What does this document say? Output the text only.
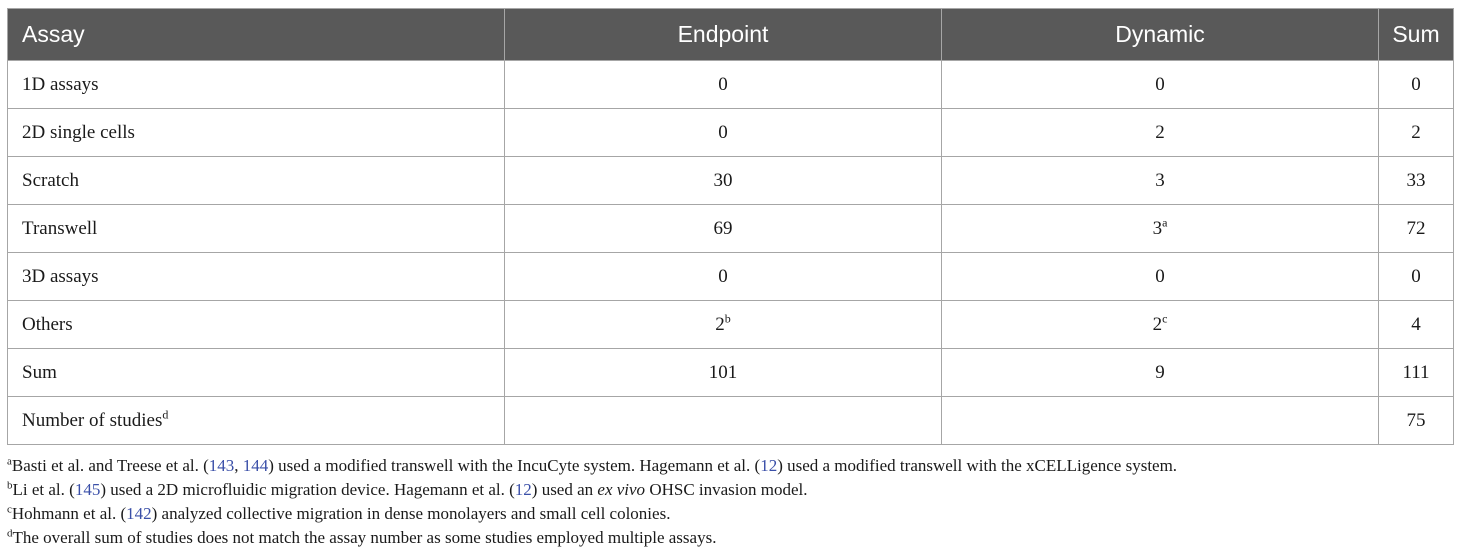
Assay	Endpoint	Dynamic	Sum
1D assays	0	0	0
2D single cells	0	2	2
Scratch	30	3	33
Transwell	69	3$^a$	72
3D assays	0	0	0
Others	2$^b$	2$^c$	4
Sum	101	9	111
Number of studies$^d$			75
$^a$Basti et al. and Treese et al. (143, 144) used a modified transwell with the IncuCyte system. Hagemann et al. (12) used a modified transwell with the xCELLigence system.
$^b$Li et al. (145) used a 2D microfluidic migration device. Hagemann et al. (12) used an ex vivo OHSC invasion model.
$^c$Hohmann et al. (142) analyzed collective migration in dense monolayers and small cell colonies.
$^d$The overall sum of studies does not match the assay number as some studies employed multiple assays.
